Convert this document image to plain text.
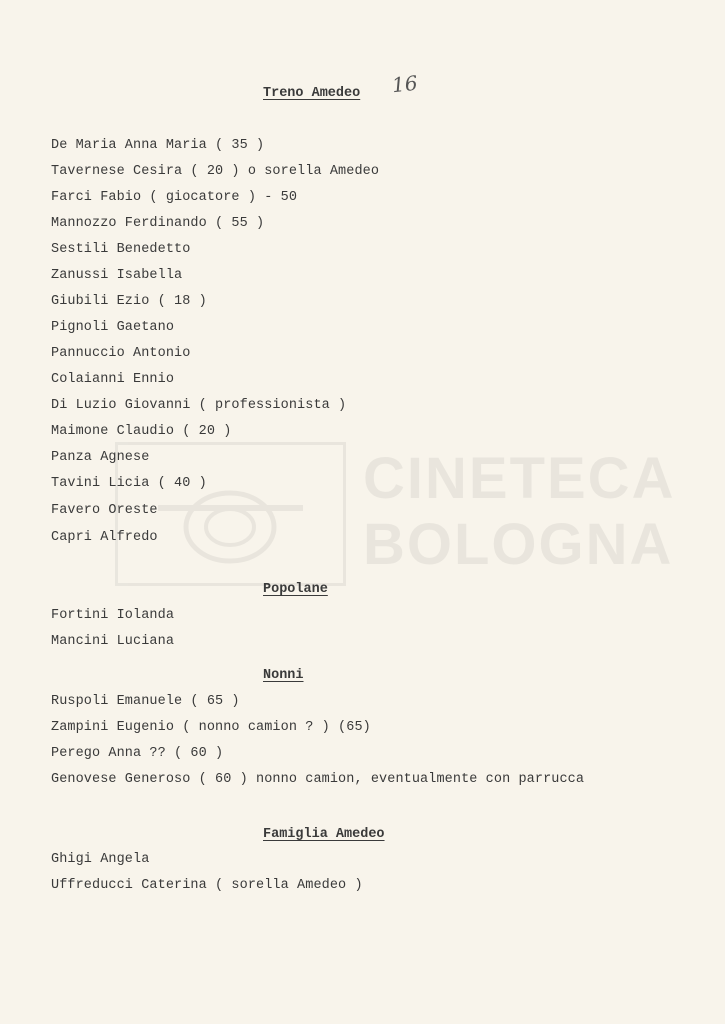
CINETECA
BOLOGNA
16
Treno Amedeo
De Maria Anna Maria ( 35 )
Tavernese Cesira ( 20 ) o sorella Amedeo
Farci Fabio ( giocatore ) - 50
Mannozzo Ferdinando ( 55 )
Sestili Benedetto
Zanussi Isabella
Giubili Ezio ( 18 )
Pignoli Gaetano
Pannuccio Antonio
Colaianni Ennio
Di Luzio Giovanni ( professionista )
Maimone Claudio ( 20 )
Panza Agnese
Tavini Licia ( 40 )
Favero Oreste
Capri Alfredo
Popolane
Fortini Iolanda
Mancini Luciana
Nonni
Ruspoli Emanuele ( 65 )
Zampini Eugenio ( nonno camion ? ) (65)
Perego Anna ?? ( 60 )
Genovese Generoso ( 60 ) nonno camion, eventualmente con parrucca
Famiglia Amedeo
Ghigi Angela
Uffreducci Caterina ( sorella Amedeo )
